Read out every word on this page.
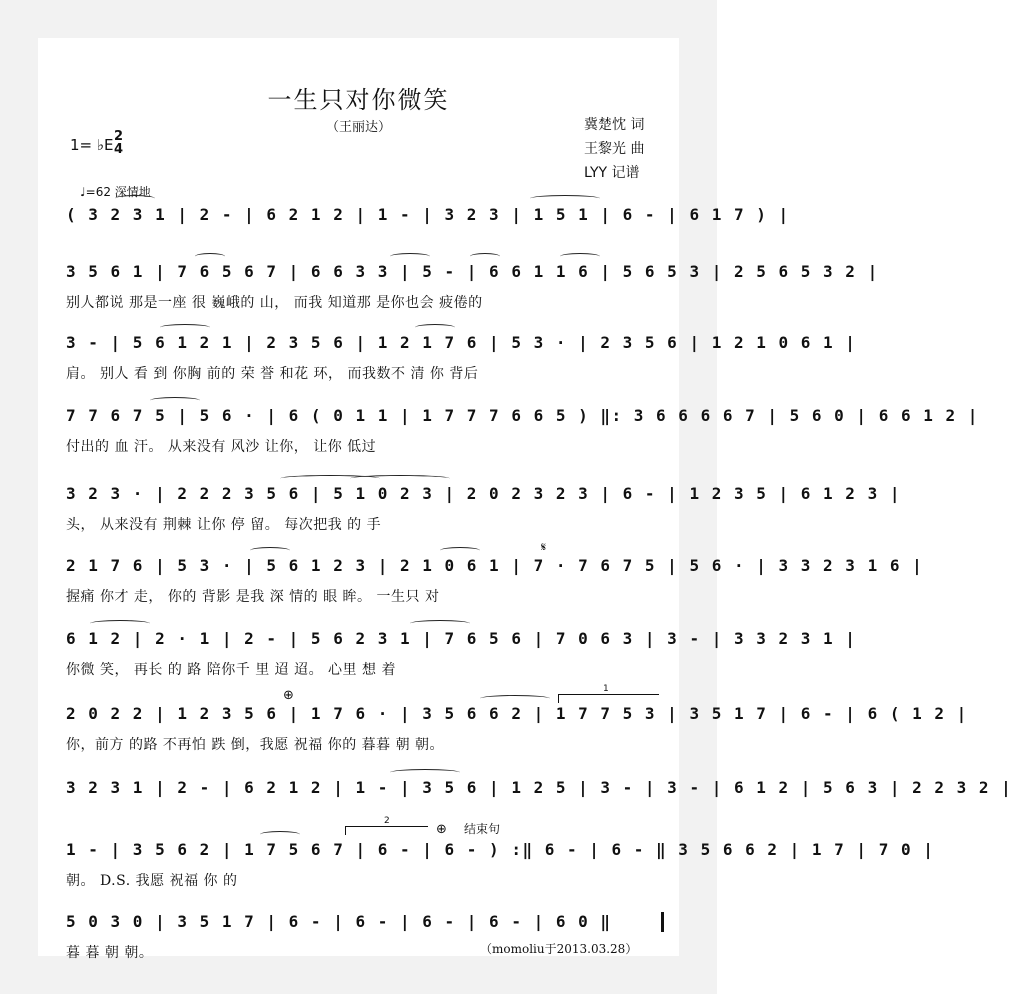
一生只对你微笑
（王丽达）	冀楚忱 词
王黎光 曲
LYY 记谱
1= ♭E 2
4
♩=62 深情地
( 3 2 3 1 | 2 - | 6 2 1 2 | 1 - | 3 2 3 | 1 5 1 | 6 - | 6 1 7 ) |
3 5 6 1 | 7 6 5 6 7 | 6 6 3 3 | 5 - | 6 6 1 1 6 | 5 6 5 3 | 2 5 6 5 3 2 |
别人都说 那是一座 很 巍峨的 山， 而我 知道那 是你也会 疲倦的
3 - | 5 6 1 2 1 | 2 3 5 6 | 1 2 1 7 6 | 5 3 · | 2 3 5 6 | 1 2 1 0 6 1 |
肩。 别人 看 到 你胸 前的 荣 誉 和花 环， 而我数不 清 你 背后
7 7 6 7 5 | 5 6 · | 6 ( 0 1 1 | 1 7 7 7 6 6 5 ) ‖: 3 6 6 6 6 7 | 5 6 0 | 6 6 1 2 |
付出的 血 汗。 从来没有 风沙 让你， 让你 低过
3 2 3 · | 2 2 2 3 5 6 | 5 1 0 2 3 | 2 0 2 3 2 3 | 6 - | 1 2 3 5 | 6 1 2 3 |
头， 从来没有 荆棘 让你 停 留。 每次把我 的 手
2 1 7 6 | 5 3 · | 5 6 1 2 3 | 2 1 0 6 1 | 7 · 7 6 7 5 | 5 6 · | 3 3 2 3 1 6 |
握痛 你才 走， 你的 背影 是我 深 情的 眼 眸。 一生只 对
6 1 2 | 2 · 1 | 2 - | 5 6 2 3 1 | 7 6 5 6 | 7 0 6 3 | 3 - | 3 3 2 3 1 |
你微 笑， 再长 的 路 陪你千 里 迢 迢。 心里 想 着
2 0 2 2 | 1 2 3 5 6 | 1 7 6 · | 3 5 6 6 2 | 1 7 7 5 3 | 3 5 1 7 | 6 - | 6 ( 1 2 |
你，前方 的路 不再怕 跌 倒，我愿 祝福 你的 暮暮 朝 朝。
3 2 3 1 | 2 - | 6 2 1 2 | 1 - | 3 5 6 | 1 2 5 | 3 - | 3 - | 6 1 2 | 5 6 3 | 2 2 3 2 |
1 - | 3 5 6 2 | 1 7 5 6 7 | 6 - | 6 - ) :‖ 6 - | 6 - ‖ 3 5 6 6 2 | 1 7 | 7 0 |
朝。 D.S. 我愿 祝福 你 的
5 0 3 0 | 3 5 1 7 | 6 - | 6 - | 6 - | 6 - | 6 0 ‖
暮 暮 朝 朝。
𝄋
⊕
⊕ 结束句
1
2
（momoliu于2013.03.28）
